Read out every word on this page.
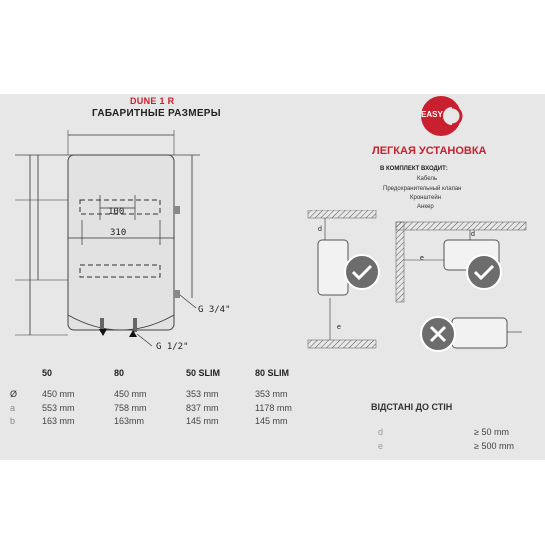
DUNE 1 R
ГАБАРИТНЫЕ РАЗМЕРЫ
100
310
G 3/4"
G 1/2"
EASY
ЛЕГКАЯ УСТАНОВКА
В КОМПЛЕКТ ВХОДИТ:
Кабель
Предохранительный клапан
Кронштейн
Анкер
d
e
e
d
50	80	50 SLIM	80 SLIM
Ø	450 mm	450 mm	353 mm	353 mm
a	553 mm	758 mm	837 mm	1178 mm
b	163 mm	163mm	145 mm	145 mm
ВІДСТАНІ ДО СТІН
d	≥ 50 mm
e	≥ 500 mm
